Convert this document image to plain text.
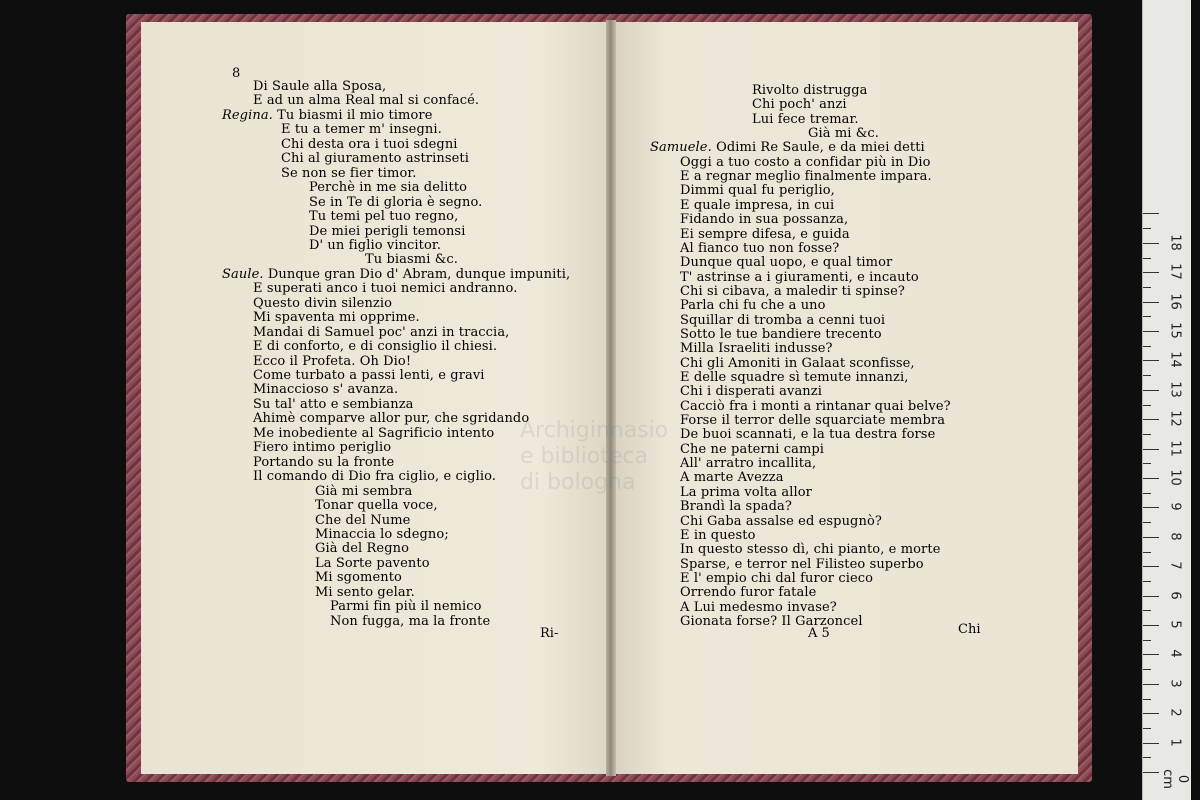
Archiginnasio
e biblioteca
di bologna
Di Saule alla Sposa,
E ad un alma Real mal si confacé.
Regina. Tu biasmi il mio timore
E tu a temer m' insegni.
Chi desta ora i tuoi sdegni
Chi al giuramento astrinseti
Se non se fier timor.
Perchè in me sia delitto
Se in Te di gloria è segno.
Tu temi pel tuo regno,
De miei perigli temonsi
D' un figlio vincitor.
Tu biasmi &c.
Saule. Dunque gran Dio d' Abram, dunque impuniti,
E superati anco i tuoi nemici andranno.
Questo divin silenzio
Mi spaventa mi opprime.
Mandai di Samuel poc' anzi in traccia,
E di conforto, e di consiglio il chiesi.
Ecco il Profeta. Oh Dio!
Come turbato a passi lenti, e gravi
Minaccioso s' avanza.
Su tal' atto e sembianza
Ahimè comparve allor pur, che sgridando
Me inobediente al Sagrificio intento
Fiero intimo periglio
Portando su la fronte
Il comando di Dio fra ciglio, e ciglio.
Già mi sembra
Tonar quella voce,
Che del Nume
Minaccia lo sdegno;
Già del Regno
La Sorte pavento
Mi sgomento
Mi sento gelar.
Parmi fin più il nemico
Non fugga, ma la fronte
Rivolto distrugga
Chi poch' anzi
Lui fece tremar.
Già mi &c.
Samuele. Odimi Re Saule, e da miei detti
Oggi a tuo costo a confidar più in Dio
E a regnar meglio finalmente impara.
Dimmi qual fu periglio,
E quale impresa, in cui
Fidando in sua possanza,
Ei sempre difesa, e guida
Al fianco tuo non fosse?
Dunque qual uopo, e qual timor
T' astrinse a i giuramenti, e incauto
Chi si cibava, a maledir ti spinse?
Parla chi fu che a uno
Squillar di tromba a cenni tuoi
Sotto le tue bandiere trecento
Milla Israeliti indusse?
Chi gli Amoniti in Galaat sconfisse,
E delle squadre sì temute innanzi,
Chi i disperati avanzi
Cacciò fra i monti a rintanar quai belve?
Forse il terror delle squarciate membra
De buoi scannati, e la tua destra forse
Che ne paterni campi
All' arratro incallita,
A marte Avezza
La prima volta allor
Brandì la spada?
Chi Gaba assalse ed espugnò?
E in questo
In questo stesso dì, chi pianto, e morte
Sparse, e terror nel Filisteo superbo
E l' empio chi dal furor cieco
Orrendo furor fatale
A Lui medesmo invase?
Gionata forse? Il Garzoncel
8
Ri-	A 5	Chi
0 cm
1
2
3
4
5
6
7
8
9
10
11
12
13
14
15
16
17
18
